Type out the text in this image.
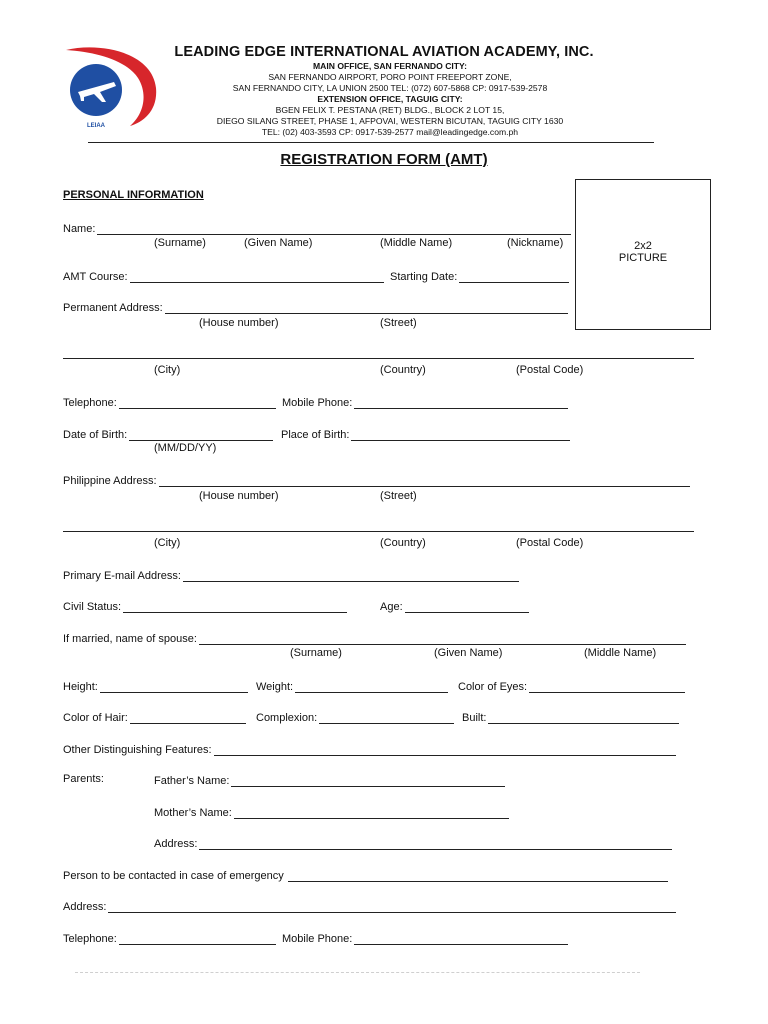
LEIAA
LEADING EDGE INTERNATIONAL AVIATION ACADEMY, INC.
MAIN OFFICE, SAN FERNANDO CITY:
SAN FERNANDO AIRPORT, PORO POINT FREEPORT ZONE,
SAN FERNANDO CITY, LA UNION 2500 TEL: (072) 607-5868 CP: 0917-539-2578
EXTENSION OFFICE, TAGUIG CITY:
BGEN FELIX T. PESTANA (RET) BLDG., BLOCK 2 LOT 15,
DIEGO SILANG STREET, PHASE 1, AFPOVAI, WESTERN BICUTAN, TAGUIG CITY 1630
TEL: (02) 403-3593 CP: 0917-539-2577 mail@leadingedge.com.ph
REGISTRATION FORM (AMT)
PERSONAL INFORMATION
2x2
PICTURE
Name:
(Surname)	(Given Name)	(Middle Name)	(Nickname)
AMT Course:	Starting Date:
Permanent Address:
(House number)	(Street)
(City)	(Country)	(Postal Code)
Telephone:	Mobile Phone:
Date of Birth:	Place of Birth:
(MM/DD/YY)
Philippine Address:
(House number)	(Street)
(City)	(Country)	(Postal Code)
Primary E-mail Address:
Civil Status:	Age:
If married, name of spouse:
(Surname)	(Given Name)	(Middle Name)
Height:	Weight:	Color of Eyes:
Color of Hair:	Complexion:	Built:
Other Distinguishing Features:
Parents:	Father’s Name:
Mother’s Name:
Address:
Person to be contacted in case of emergency
Address:
Telephone:	Mobile Phone:
